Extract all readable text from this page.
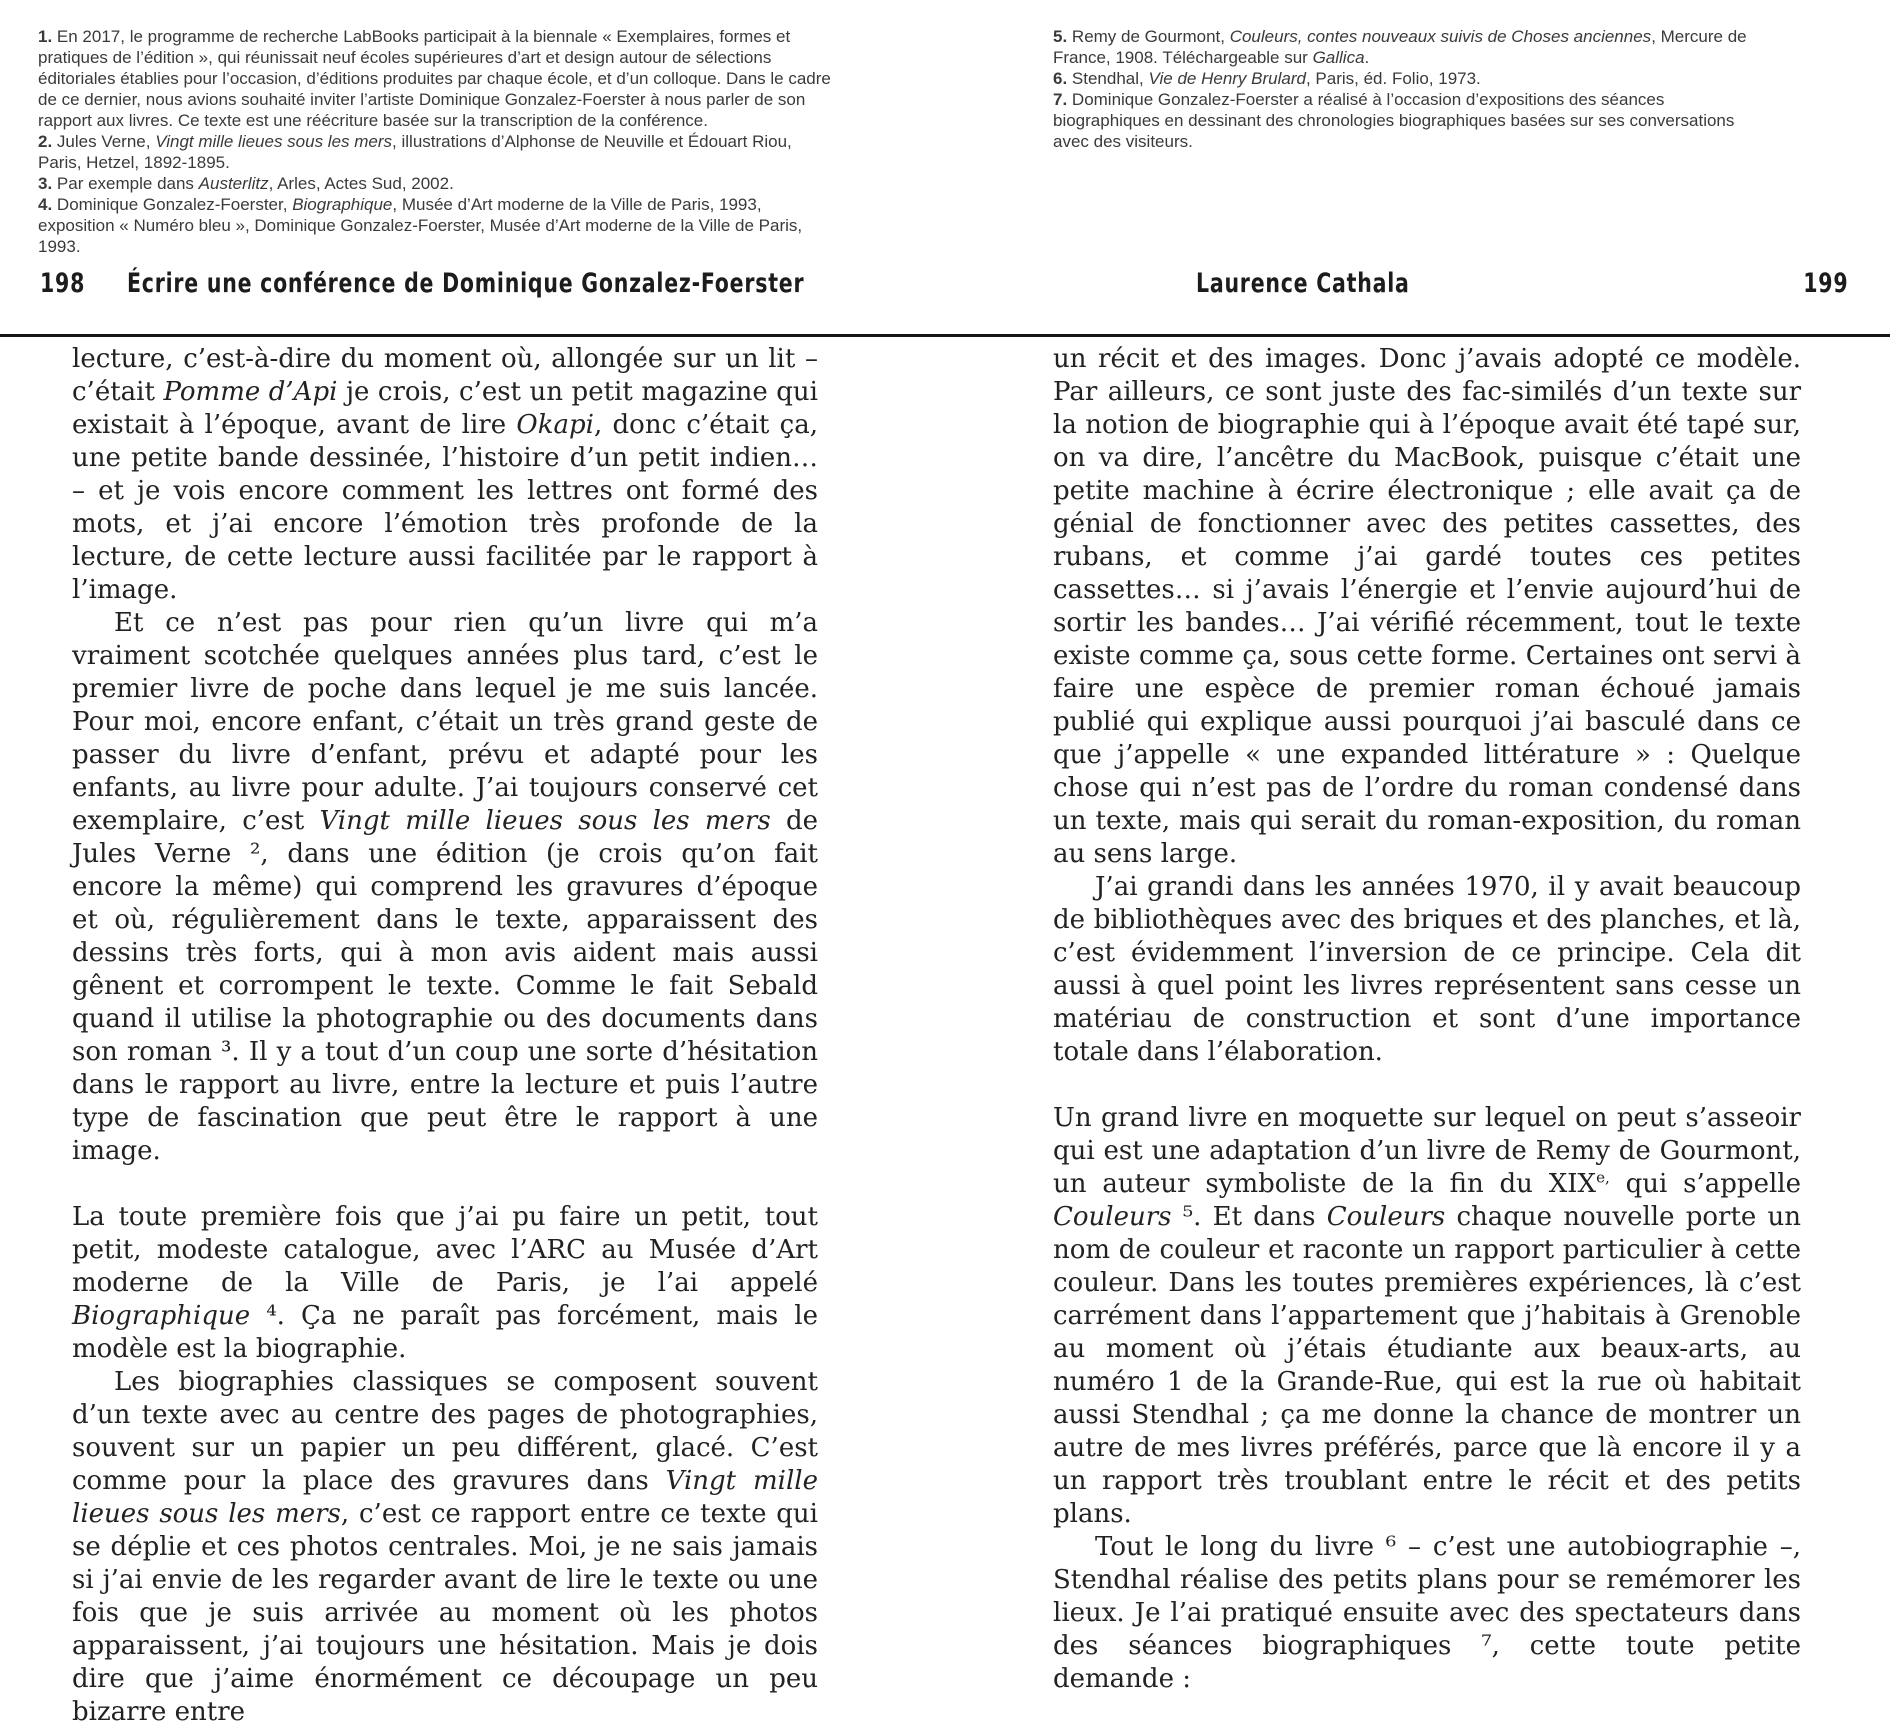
1. En 2017, le programme de recherche LabBooks participait à la biennale « Exemplaires, formes et pratiques de l’édition », qui réunissait neuf écoles supérieures d’art et design autour de sélections éditoriales établies pour l’occasion, d’éditions produites par chaque école, et d’un colloque. Dans le cadre de ce dernier, nous avions souhaité inviter l’artiste Dominique Gonzalez-Foerster à nous parler de son rapport aux livres. Ce texte est une réécriture basée sur la transcription de la conférence.

2. Jules Verne, Vingt mille lieues sous les mers, illustrations d’Alphonse de Neuville et Édouart Riou, Paris, Hetzel, 1892-1895.

3. Par exemple dans Austerlitz, Arles, Actes Sud, 2002.

4. Dominique Gonzalez-Foerster, Biographique, Musée d’Art moderne de la Ville de Paris, 1993, exposition « Numéro bleu », Dominique Gonzalez-Foerster, Musée d’Art moderne de la Ville de Paris, 1993.

5. Remy de Gourmont, Couleurs, contes nouveaux suivis de Choses anciennes, Mercure de France, 1908. Téléchargeable sur Gallica.

6. Stendhal, Vie de Henry Brulard, Paris, éd. Folio, 1973.

7. Dominique Gonzalez-Foerster a réalisé à l’occasion d’expositions des séances biographiques en dessinant des chronologies biographiques basées sur ses conversations avec des visiteurs.

198 Écrire une conférence de Dominique Gonzalez-Foerster	Laurence Cathala	199

lecture, c’est-à-dire du moment où, allongée sur un lit – c’était Pomme d’Api je crois, c’est un petit magazine qui existait à l’époque, avant de lire Okapi, donc c’était ça, une petite bande dessinée, l’histoire d’un petit indien… – et je vois encore comment les lettres ont formé des mots, et j’ai encore l’émotion très profonde de la lecture, de cette lecture aussi facilitée par le rapport à l’image.

Et ce n’est pas pour rien qu’un livre qui m’a vraiment scotchée quelques années plus tard, c’est le premier livre de poche dans lequel je me suis lancée. Pour moi, encore enfant, c’était un très grand geste de passer du livre d’enfant, prévu et adapté pour les enfants, au livre pour adulte. J’ai toujours conservé cet exemplaire, c’est Vingt mille lieues sous les mers de Jules Verne ², dans une édition (je crois qu’on fait encore la même) qui comprend les gravures d’époque et où, régulièrement dans le texte, apparaissent des dessins très forts, qui à mon avis aident mais aussi gênent et corrompent le texte. Comme le fait Sebald quand il utilise la photographie ou des documents dans son roman ³. Il y a tout d’un coup une sorte d’hésitation dans le rapport au livre, entre la lecture et puis l’autre type de fascination que peut être le rapport à une image.

La toute première fois que j’ai pu faire un petit, tout petit, modeste catalogue, avec l’ARC au Musée d’Art moderne de la Ville de Paris, je l’ai appelé Biographique ⁴. Ça ne paraît pas forcément, mais le modèle est la biographie.

Les biographies classiques se composent souvent d’un texte avec au centre des pages de photographies, souvent sur un papier un peu différent, glacé. C’est comme pour la place des gravures dans Vingt mille lieues sous les mers, c’est ce rapport entre ce texte qui se déplie et ces photos centrales. Moi, je ne sais jamais si j’ai envie de les regarder avant de lire le texte ou une fois que je suis arrivée au moment où les photos apparaissent, j’ai toujours une hésitation. Mais je dois dire que j’aime énormément ce découpage un peu bizarre entre

un récit et des images. Donc j’avais adopté ce modèle. Par ailleurs, ce sont juste des fac-similés d’un texte sur la notion de biographie qui à l’époque avait été tapé sur, on va dire, l’ancêtre du MacBook, puisque c’était une petite machine à écrire électronique ; elle avait ça de génial de fonctionner avec des petites cassettes, des rubans, et comme j’ai gardé toutes ces petites cassettes… si j’avais l’énergie et l’envie aujourd’hui de sortir les bandes… J’ai vérifié récemment, tout le texte existe comme ça, sous cette forme. Certaines ont servi à faire une espèce de premier roman échoué jamais publié qui explique aussi pourquoi j’ai basculé dans ce que j’appelle « une expanded littérature » : Quelque chose qui n’est pas de l’ordre du roman condensé dans un texte, mais qui serait du roman-exposition, du roman au sens large.

J’ai grandi dans les années 1970, il y avait beaucoup de bibliothèques avec des briques et des planches, et là, c’est évidemment l’inversion de ce principe. Cela dit aussi à quel point les livres représentent sans cesse un matériau de construction et sont d’une importance totale dans l’élaboration.

Un grand livre en moquette sur lequel on peut s’asseoir qui est une adaptation d’un livre de Remy de Gourmont, un auteur symboliste de la fin du $XIX^{e,}$ qui s’appelle Couleurs ⁵. Et dans Couleurs chaque nouvelle porte un nom de couleur et raconte un rapport particulier à cette couleur. Dans les toutes premières expériences, là c’est carrément dans l’appartement que j’habitais à Grenoble au moment où j’étais étudiante aux beaux-arts, au numéro 1 de la Grande-Rue, qui est la rue où habitait aussi Stendhal ; ça me donne la chance de montrer un autre de mes livres préférés, parce que là encore il y a un rapport très troublant entre le récit et des petits plans.

Tout le long du livre ⁶ – c’est une autobiographie –, Stendhal réalise des petits plans pour se remémorer les lieux. Je l’ai pratiqué ensuite avec des spectateurs dans des séances biographiques ⁷, cette toute petite demande :
